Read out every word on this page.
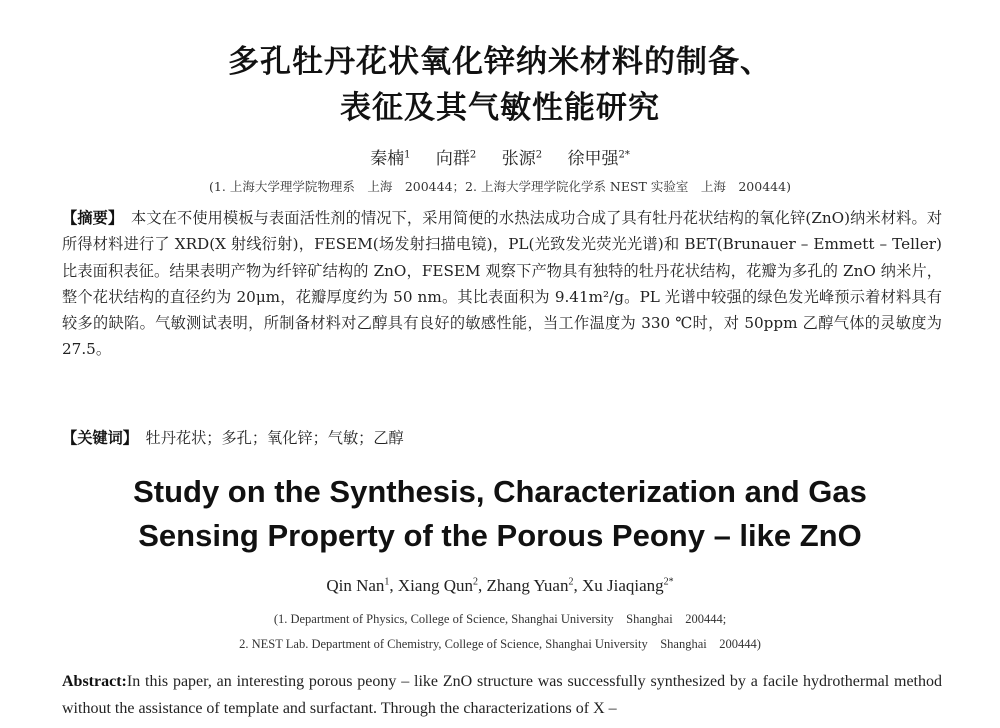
多孔牡丹花状氧化锌纳米材料的制备、
表征及其气敏性能研究
秦楠$^1$ 向群$^2$ 张源$^2$ 徐甲强$^{2*}$
(1. 上海大学理学院物理系　上海　200444；2. 上海大学理学院化学系 NEST 实验室　上海　200444)
【摘要】　 本文在不使用模板与表面活性剂的情况下，采用简便的水热法成功合成了具有牡丹花状结构的氧化锌(ZnO)纳米材料。对所得材料进行了 XRD(X 射线衍射)，FESEM(场发射扫描电镜)，PL(光致发光荧光光谱)和 BET(Brunauer – Emmett – Teller)比表面积表征。结果表明产物为纤锌矿结构的 ZnO，FESEM 观察下产物具有独特的牡丹花状结构，花瓣为多孔的 ZnO 纳米片，整个花状结构的直径约为 20μm，花瓣厚度约为 50 nm。其比表面积为 9.41m²/g。PL 光谱中较强的绿色发光峰预示着材料具有较多的缺陷。气敏测试表明，所制备材料对乙醇具有良好的敏感性能，当工作温度为 330 ℃时，对 50ppm 乙醇气体的灵敏度为 27.5。
【关键词】　 牡丹花状；多孔；氧化锌；气敏；乙醇
Study on the Synthesis, Characterization and Gas
Sensing Property of the Porous Peony – like ZnO
Qin Nan$^1$, Xiang Qun$^2$, Zhang Yuan$^2$, Xu Jiaqiang$^{2*}$
(1. Department of Physics, College of Science, Shanghai University　Shanghai　200444;
2. NEST Lab. Department of Chemistry, College of Science, Shanghai University　Shanghai　200444)
Abstract:In this paper, an interesting porous peony – like ZnO structure was successfully synthesized by a facile hydrothermal method without the assistance of template and surfactant. Through the characterizations of X –
